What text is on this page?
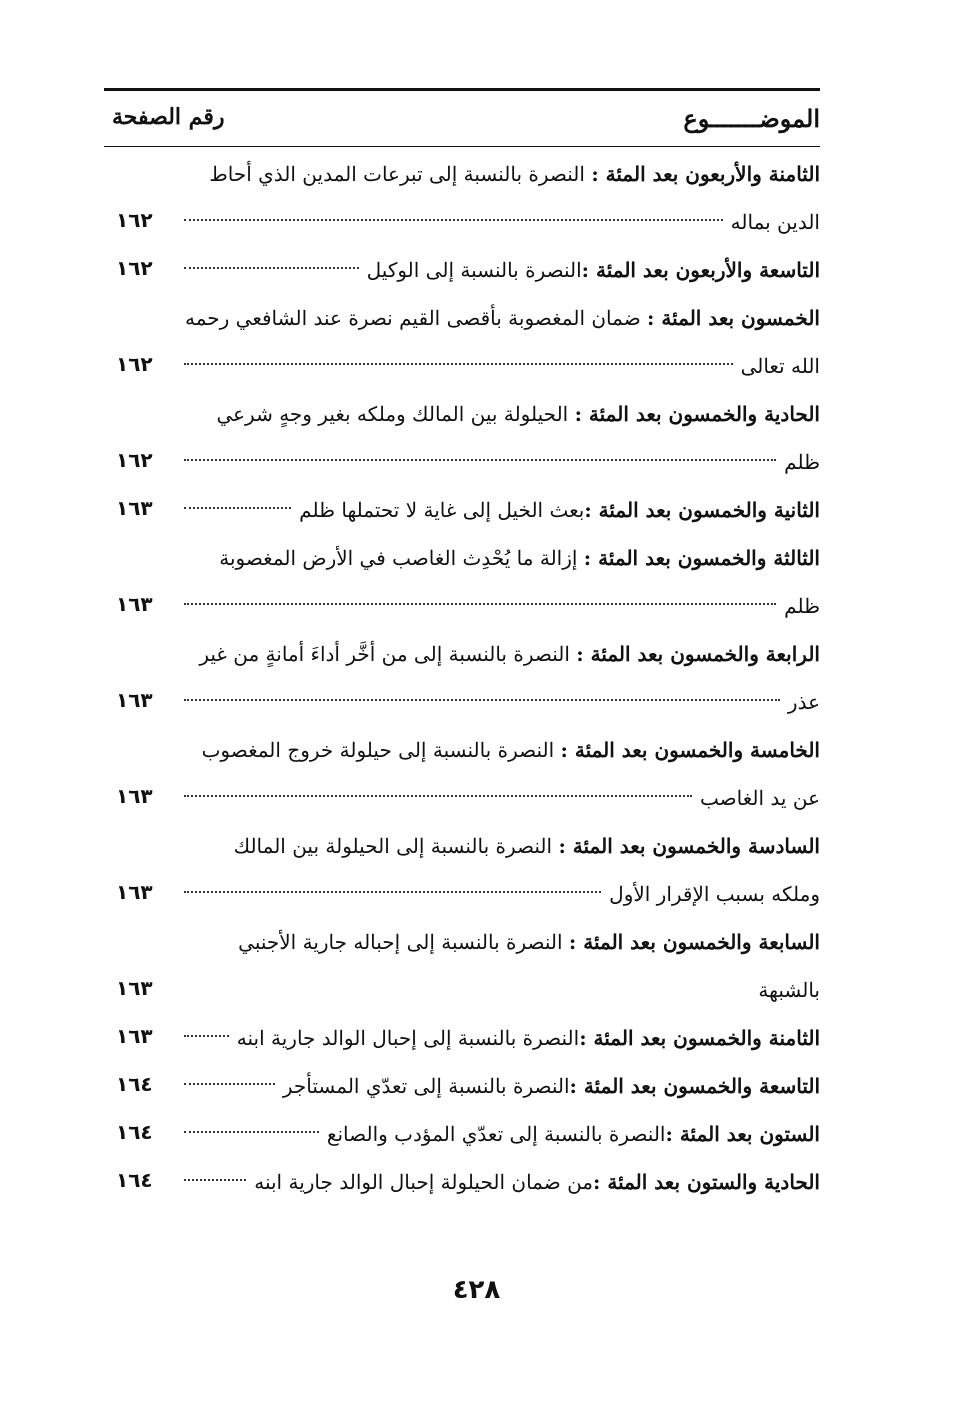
الموضـــــــوع
رقم الصفحة
الثامنة والأربعون بعد المئة : النصرة بالنسبة إلى تبرعات المدين الذي أحاط
الدين بماله
١٦٢
التاسعة والأربعون بعد المئة :
النصرة بالنسبة إلى الوكيل
١٦٢
الخمسون بعد المئة : ضمان المغصوبة بأقصى القيم نصرة عند الشافعي رحمه
الله تعالى
١٦٢
الحادية والخمسون بعد المئة : الحيلولة بين المالك وملكه بغير وجهٍ شرعي
ظلم
١٦٢
الثانية والخمسون بعد المئة :
بعث الخيل إلى غاية لا تحتملها ظلم
١٦٣
الثالثة والخمسون بعد المئة : إزالة ما يُحْدِث الغاصب في الأرض المغصوبة
ظلم
١٦٣
الرابعة والخمسون بعد المئة : النصرة بالنسبة إلى من أخَّر أداءَ أمانةٍ من غير
عذر
١٦٣
الخامسة والخمسون بعد المئة : النصرة بالنسبة إلى حيلولة خروج المغصوب
عن يد الغاصب
١٦٣
السادسة والخمسون بعد المئة : النصرة بالنسبة إلى الحيلولة بين المالك
وملكه بسبب الإقرار الأول
١٦٣
السابعة والخمسون بعد المئة : النصرة بالنسبة إلى إحباله جارية الأجنبي
بالشبهة
١٦٣
الثامنة والخمسون بعد المئة :
النصرة بالنسبة إلى إحبال الوالد جارية ابنه
١٦٣
التاسعة والخمسون بعد المئة :
النصرة بالنسبة إلى تعدّي المستأجر
١٦٤
الستون بعد المئة :
النصرة بالنسبة إلى تعدّي المؤدب والصانع
١٦٤
الحادية والستون بعد المئة :
من ضمان الحيلولة إحبال الوالد جارية ابنه
١٦٤
٤٢٨
